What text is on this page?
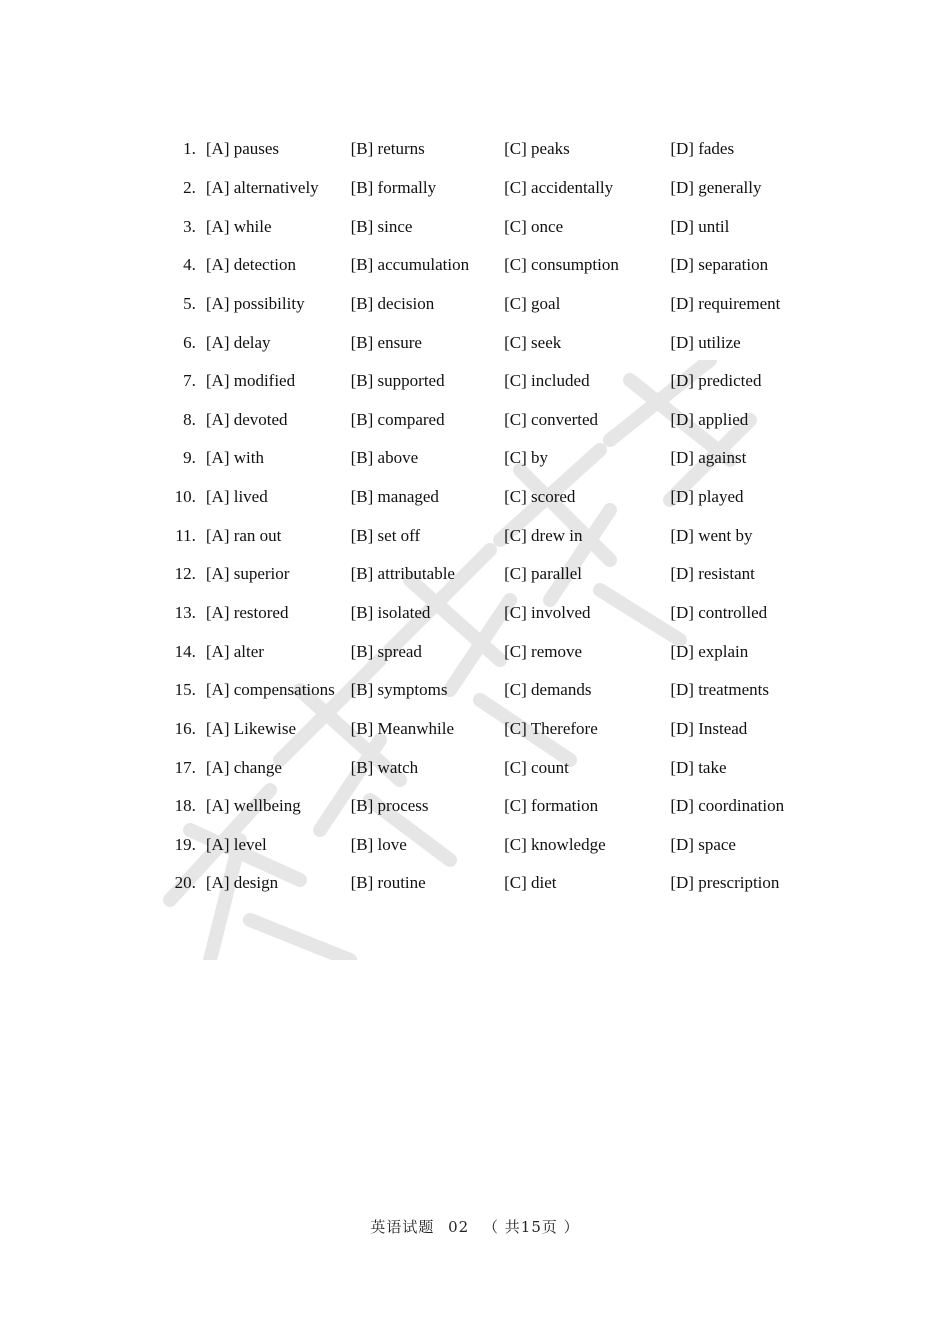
1.	[A] pauses	[B] returns	[C] peaks	[D] fades
2.	[A] alternatively	[B] formally	[C] accidentally	[D] generally
3.	[A] while	[B] since	[C] once	[D] until
4.	[A] detection	[B] accumulation	[C] consumption	[D] separation
5.	[A] possibility	[B] decision	[C] goal	[D] requirement
6.	[A] delay	[B] ensure	[C] seek	[D] utilize
7.	[A] modified	[B] supported	[C] included	[D] predicted
8.	[A] devoted	[B] compared	[C] converted	[D] applied
9.	[A] with	[B] above	[C] by	[D] against
10.	[A] lived	[B] managed	[C] scored	[D] played
11.	[A] ran out	[B] set off	[C] drew in	[D] went by
12.	[A] superior	[B] attributable	[C] parallel	[D] resistant
13.	[A] restored	[B] isolated	[C] involved	[D] controlled
14.	[A] alter	[B] spread	[C] remove	[D] explain
15.	[A] compensations	[B] symptoms	[C] demands	[D] treatments
16.	[A] Likewise	[B] Meanwhile	[C] Therefore	[D] Instead
17.	[A] change	[B] watch	[C] count	[D] take
18.	[A] wellbeing	[B] process	[C] formation	[D] coordination
19.	[A] level	[B] love	[C] knowledge	[D] space
20.	[A] design	[B] routine	[C] diet	[D] prescription
英语试题 02 （ 共15页 ）
